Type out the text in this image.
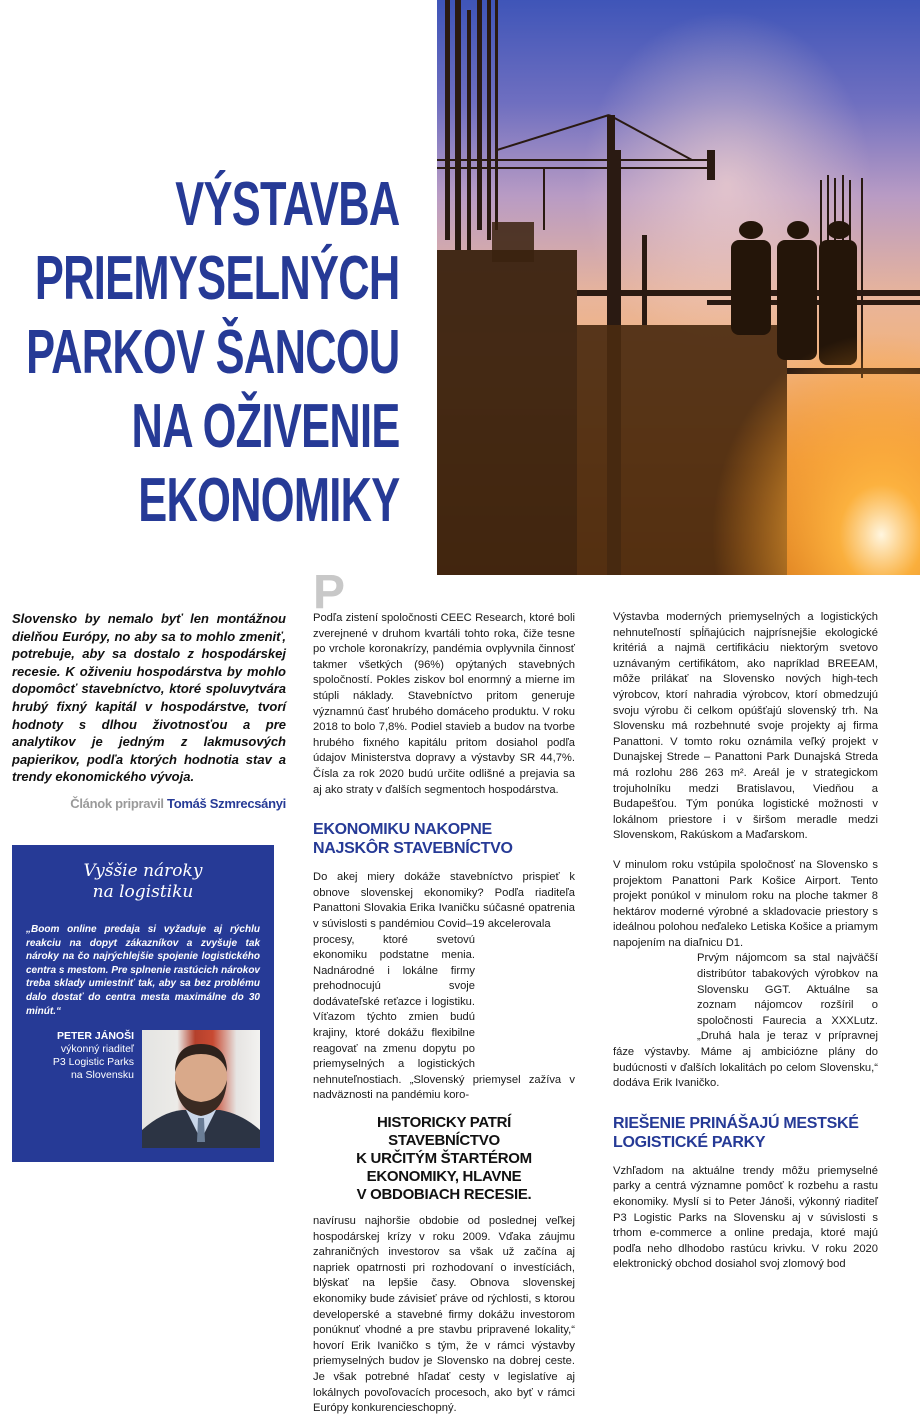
VÝSTAVBA
PRIEMYSELNÝCH
PARKOV ŠANCOU
NA OŽIVENIE
EKONOMIKY

Slovensko by nemalo byť len montážnou dielňou Európy, no aby sa to mohlo zmeniť, potrebuje, aby sa dostalo z hospodárskej recesie. K oživeniu hospodárstva by mohlo dopomôcť stavebníctvo, ktoré spoluvytvára hrubý fixný kapitál v hospodárstve, tvorí hodnoty s dlhou životnosťou a pre analytikov je jedným z lakmusových papierikov, podľa ktorých hodnotia stav a trendy ekonomického vývoja.

Článok pripravil Tomáš Szmrecsányi
Vyššie nároky
na logistiku

„Boom online predaja si vyžaduje aj rýchlu reakciu na dopyt zákazníkov a zvyšuje tak nároky na čo najrýchlejšie spojenie logistického centra s mestom. Pre splnenie rastúcich nárokov treba sklady umiestniť tak, aby sa bez problému dalo dostať do centra mesta maximálne do 30 minút.“

PETER JÁNOŠI
výkonný riaditeľ
P3 Logistic Parks
na Slovensku
P

Podľa zistení spoločnosti CEEC Research, ktoré boli zverejnené v druhom kvartáli tohto roka, čiže tesne po vrchole koronakrízy, pandémia ovplyvnila činnosť takmer všetkých (96%) opýtaných stavebných spoločností. Pokles ziskov bol enormný a mierne im stúpli náklady. Stavebníctvo pritom generuje významnú časť hrubého domáceho produktu. V roku 2018 to bolo 7,8%. Podiel stavieb a budov na tvorbe hrubého fixného kapitálu pritom dosiahol podľa údajov Ministerstva dopravy a výstavby SR 44,7%. Čísla za rok 2020 budú určite odlišné a prejavia sa aj ako straty v ďalších segmentoch hospodárstva.

EKONOMIKU NAKOPNE
NAJSKÔR STAVEBNÍCTVO

Do akej miery dokáže stavebníctvo prispieť k obnove slovenskej ekonomiky? Podľa riaditeľa Panattoni Slovakia Erika Ivaničku súčasné opatrenia v súvislosti s pandémiou Covid–19 akcelerovala

procesy, ktoré svetovú ekonomiku podstatne menia. Nadnárodné i lokálne firmy prehodnocujú svoje dodávateľské reťazce i logistiku. Víťazom týchto zmien budú krajiny, ktoré dokážu flexibilne reagovať na zmenu dopytu po priemyselných a logistických nehnuteľnostiach. „Slovenský priemysel zažíva v nadväznosti na pandémiu koro-

HISTORICKY PATRÍ
STAVEBNÍCTVO
K URČITÝM ŠTARTÉROM
EKONOMIKY, HLAVNE
V OBDOBIACH RECESIE.

navírusu najhoršie obdobie od poslednej veľkej hospodárskej krízy v roku 2009. Vďaka záujmu zahraničných investorov sa však už začína aj napriek opatrnosti pri rozhodovaní o investíciách, blýskať na lepšie časy. Obnova slovenskej ekonomiky bude závisieť práve od rýchlosti, s ktorou developerské a stavebné firmy dokážu investorom ponúknuť vhodné a pre stavbu pripravené lokality,“ hovorí Erik Ivaničko s tým, že v rámci výstavby priemyselných budov je Slovensko na dobrej ceste. Je však potrebné hľadať cesty v legislatíve aj lokálnych povoľovacích procesoch, ako byť v rámci Európy konkurencieschopný.

Výstavba moderných priemyselných a logistických nehnuteľností spĺňajúcich najprísnejšie ekologické kritériá a najmä certifikáciu niektorým svetovo uznávaným certifikátom, ako napríklad BREEAM, môže prilákať na Slovensko nových high-tech výrobcov, ktorí nahradia výrobcov, ktorí obmedzujú svoju výrobu či celkom opúšťajú slovenský trh. Na Slovensku má rozbehnuté svoje projekty aj firma Panattoni. V tomto roku oznámila veľký projekt v Dunajskej Strede – Panattoni Park Dunajská Streda má rozlohu 286 263 m². Areál je v strategickom trojuholníku medzi Bratislavou, Viedňou a Budapešťou. Tým ponúka logistické možnosti v lokálnom priestore i v širšom meradle medzi Slovenskom, Rakúskom a Maďarskom.

V minulom roku vstúpila spoločnosť na Slovensko s projektom Panattoni Park Košice Airport. Tento projekt ponúkol v minulom roku na ploche takmer 8 hektárov moderné výrobné a skladovacie priestory s ideálnou polohou neďaleko Letiska Košice a priamym napojením na diaľnicu D1.

Prvým nájomcom sa stal najväčší distribútor tabakových výrobkov na Slovensku GGT. Aktuálne sa zoznam nájomcov rozšíril o spoločnosti Faurecia a XXXLutz. „Druhá hala je teraz v prípravnej fáze výstavby. Máme aj ambiciózne plány do budúcnosti v ďalších lokalitách po celom Slovensku,“ dodáva Erik Ivaničko.

RIEŠENIE PRINÁŠAJÚ MESTSKÉ
LOGISTICKÉ PARKY

Vzhľadom na aktuálne trendy môžu priemyselné parky a centrá významne pomôcť k rozbehu a rastu ekonomiky. Myslí si to Peter Jánoši, výkonný riaditeľ P3 Logistic Parks na Slovensku aj v súvislosti s trhom e-commerce a online predaja, ktoré majú podľa neho dlhodobo rastúcu krivku. V roku 2020 elektronický obchod dosiahol svoj zlomový bod
